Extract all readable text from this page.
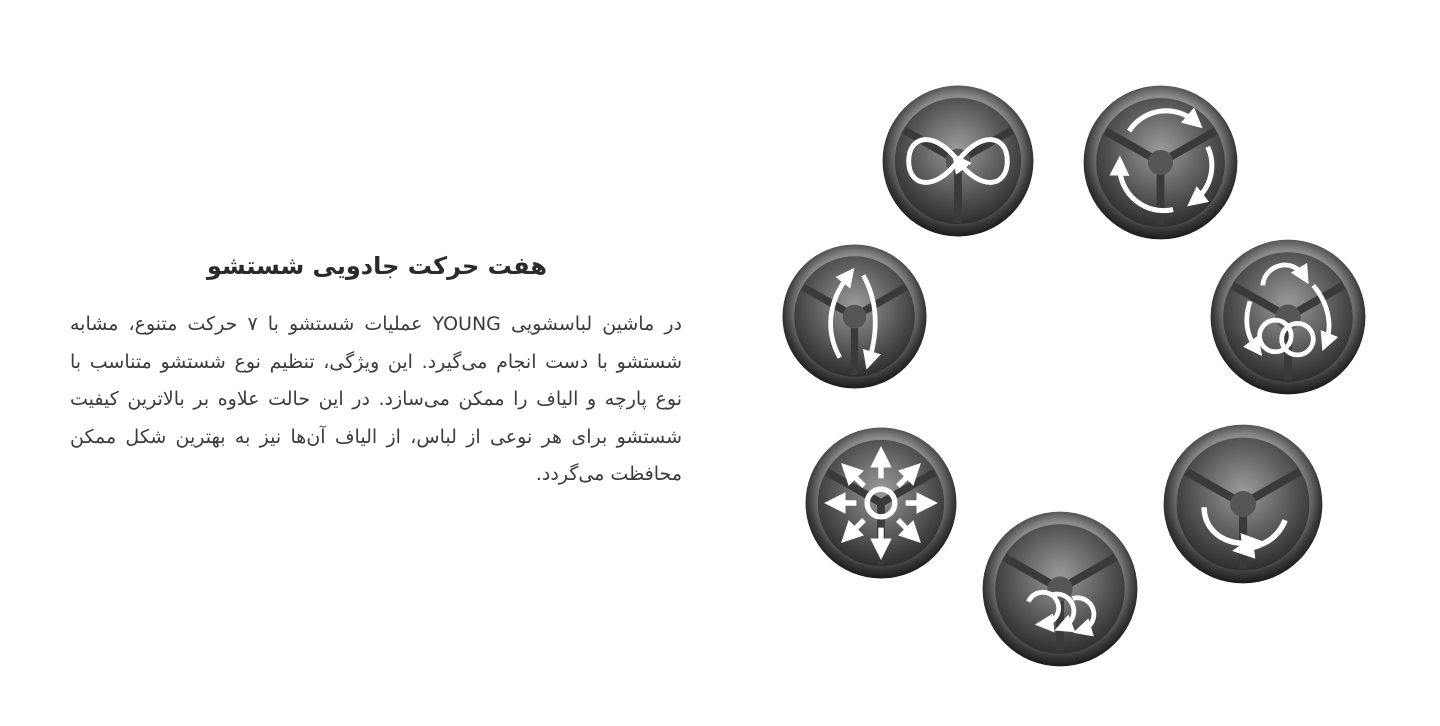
هفت حرکت جادویی شستشو

در ماشین لباسشویی YOUNG عملیات شستشو با ۷ حرکت متنوع، مشابه شستشو با دست انجام می‌گیرد. این ویژگی، تنظیم نوع شستشو متناسب با نوع پارچه و الیاف را ممکن می‌سازد. در این حالت علاوه بر بالاترین کیفیت شستشو برای هر نوعی از لباس، از الیاف آن‌ها نیز به بهترین شکل ممکن محافظت می‌گردد.
